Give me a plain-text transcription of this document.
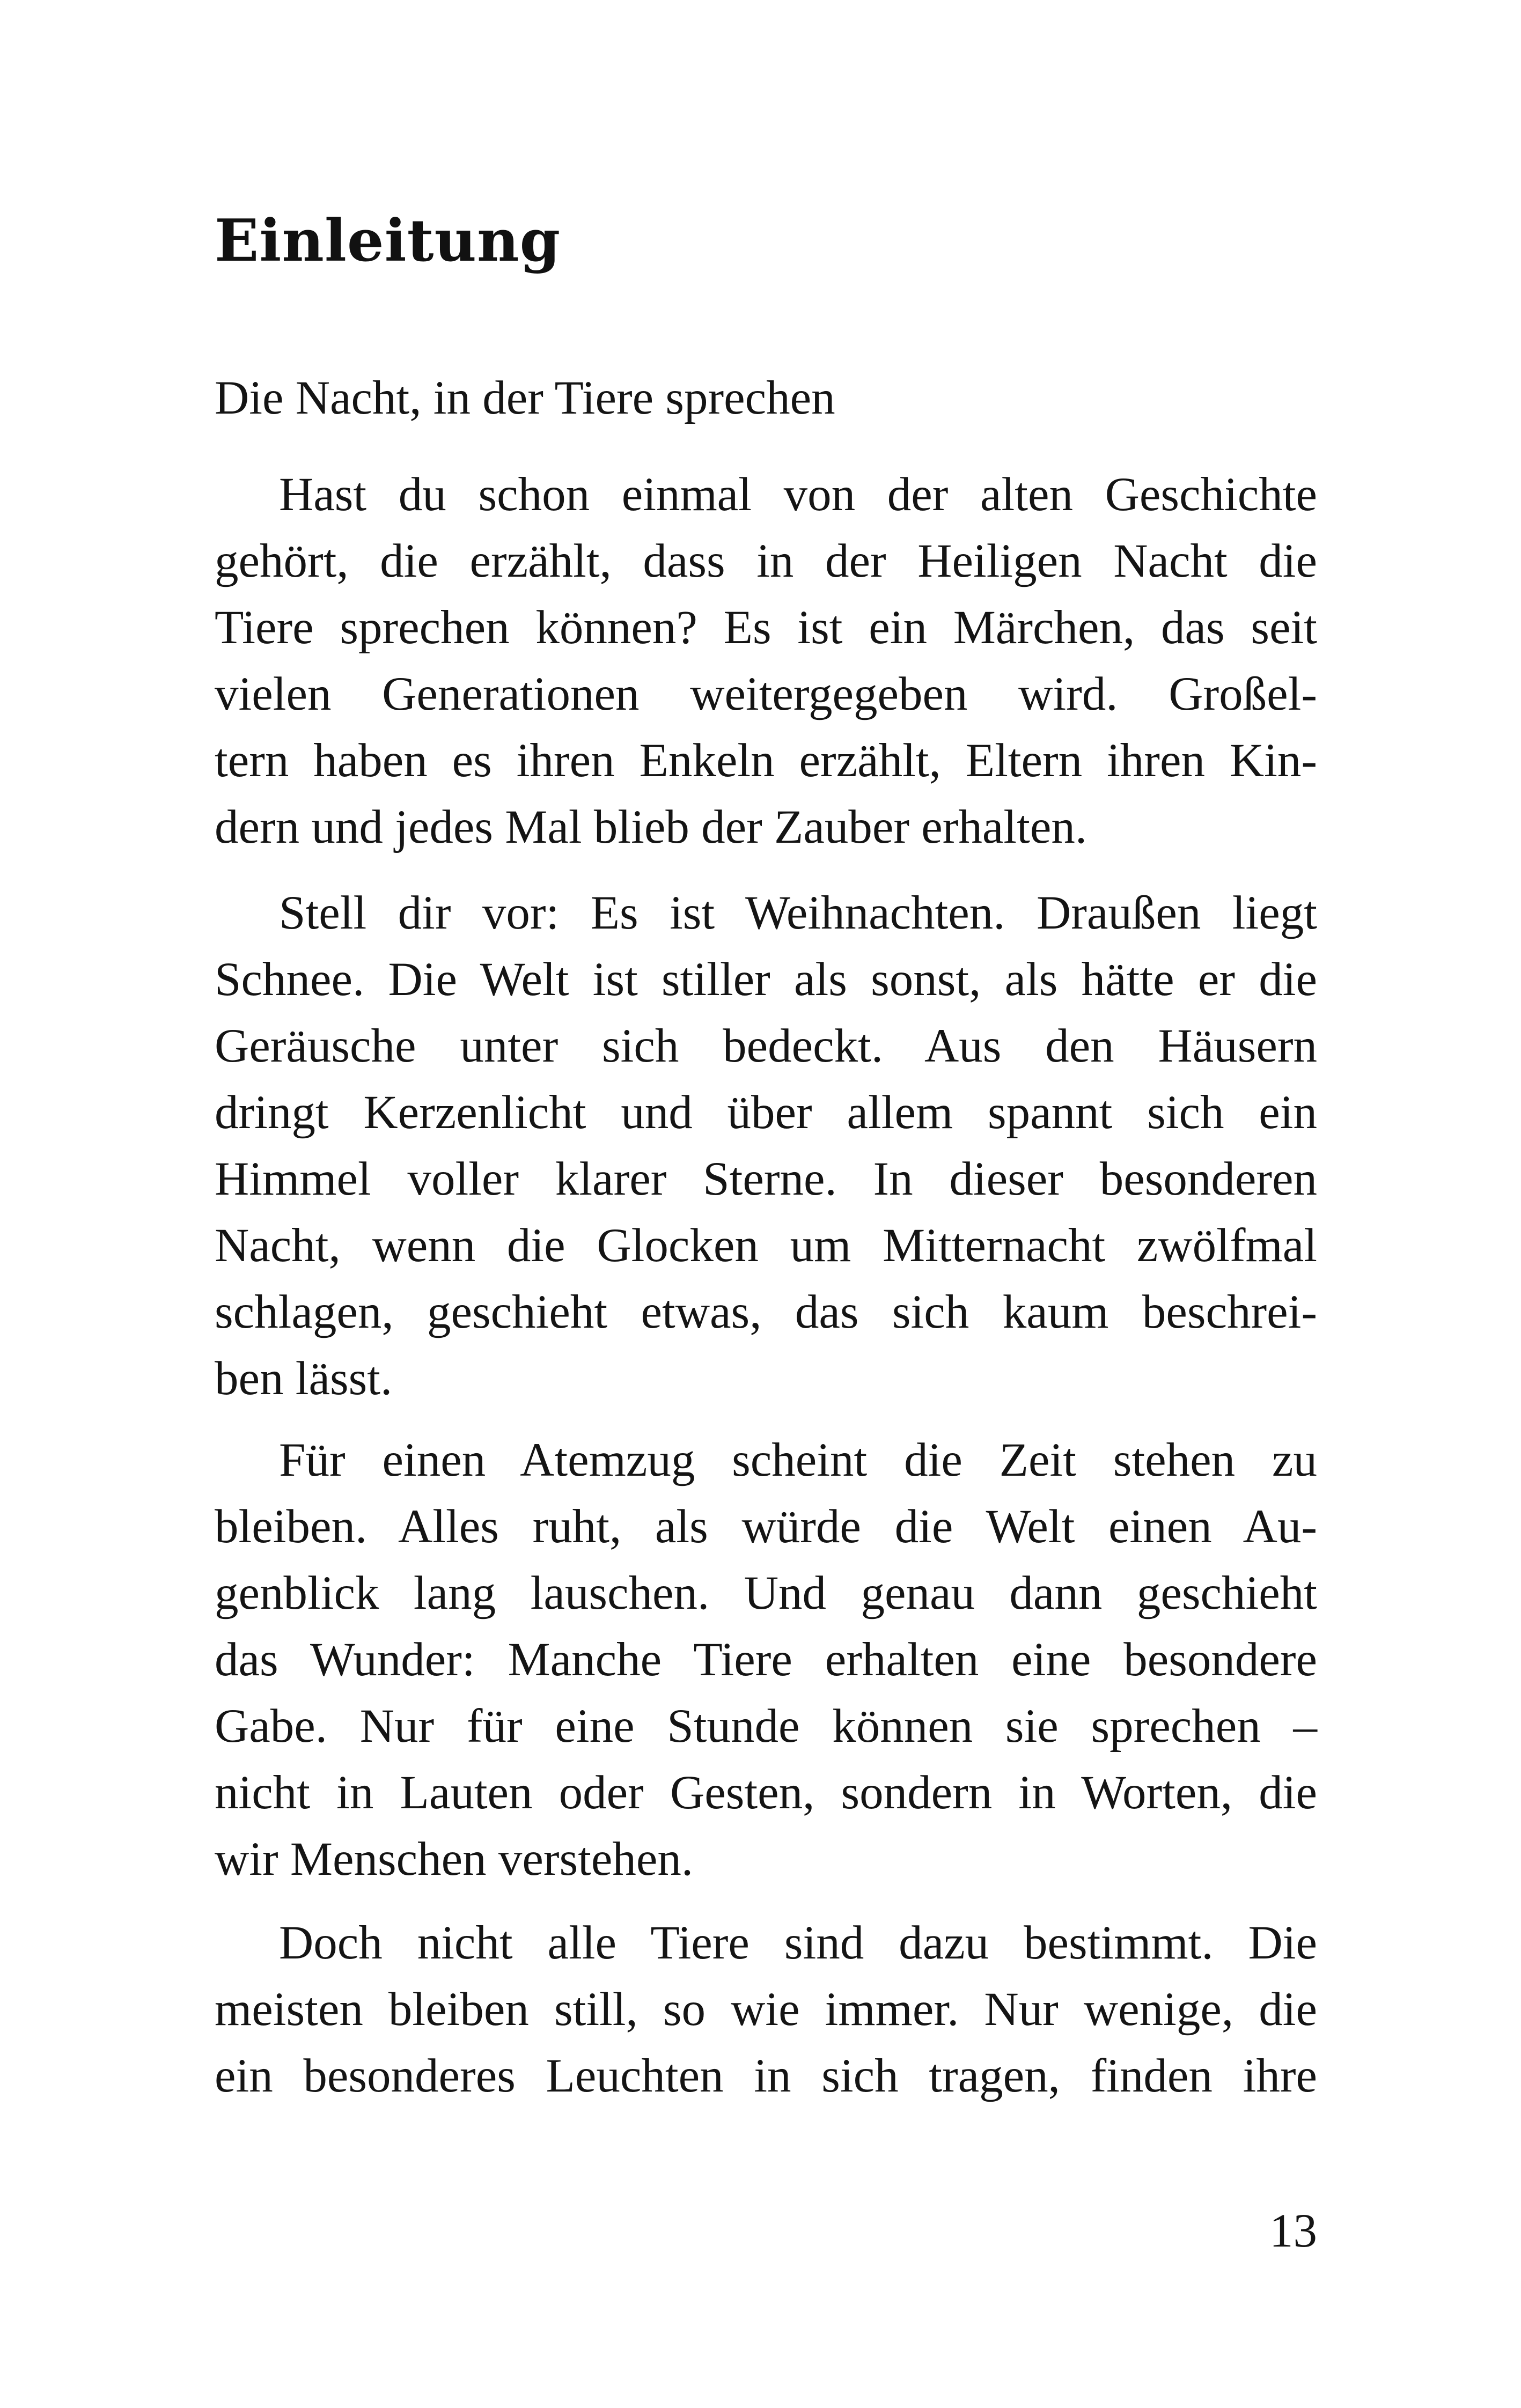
Einleitung

Die Nacht, in der Tiere sprechen

Hast du schon einmal von der alten Geschichte
gehört, die erzählt, dass in der Heiligen Nacht die
Tiere sprechen können? Es ist ein Märchen, das seit
vielen Generationen weitergegeben wird. Großel-
tern haben es ihren Enkeln erzählt, Eltern ihren Kin-
dern und jedes Mal blieb der Zauber erhalten.
Stell dir vor: Es ist Weihnachten. Draußen liegt
Schnee. Die Welt ist stiller als sonst, als hätte er die
Geräusche unter sich bedeckt. Aus den Häusern
dringt Kerzenlicht und über allem spannt sich ein
Himmel voller klarer Sterne. In dieser besonderen
Nacht, wenn die Glocken um Mitternacht zwölfmal
schlagen, geschieht etwas, das sich kaum beschrei-
ben lässt.
Für einen Atemzug scheint die Zeit stehen zu
bleiben. Alles ruht, als würde die Welt einen Au-
genblick lang lauschen. Und genau dann geschieht
das Wunder: Manche Tiere erhalten eine besondere
Gabe. Nur für eine Stunde können sie sprechen –
nicht in Lauten oder Gesten, sondern in Worten, die
wir Menschen verstehen.
Doch nicht alle Tiere sind dazu bestimmt. Die
meisten bleiben still, so wie immer. Nur wenige, die
ein besonderes Leuchten in sich tragen, finden ihre

13
